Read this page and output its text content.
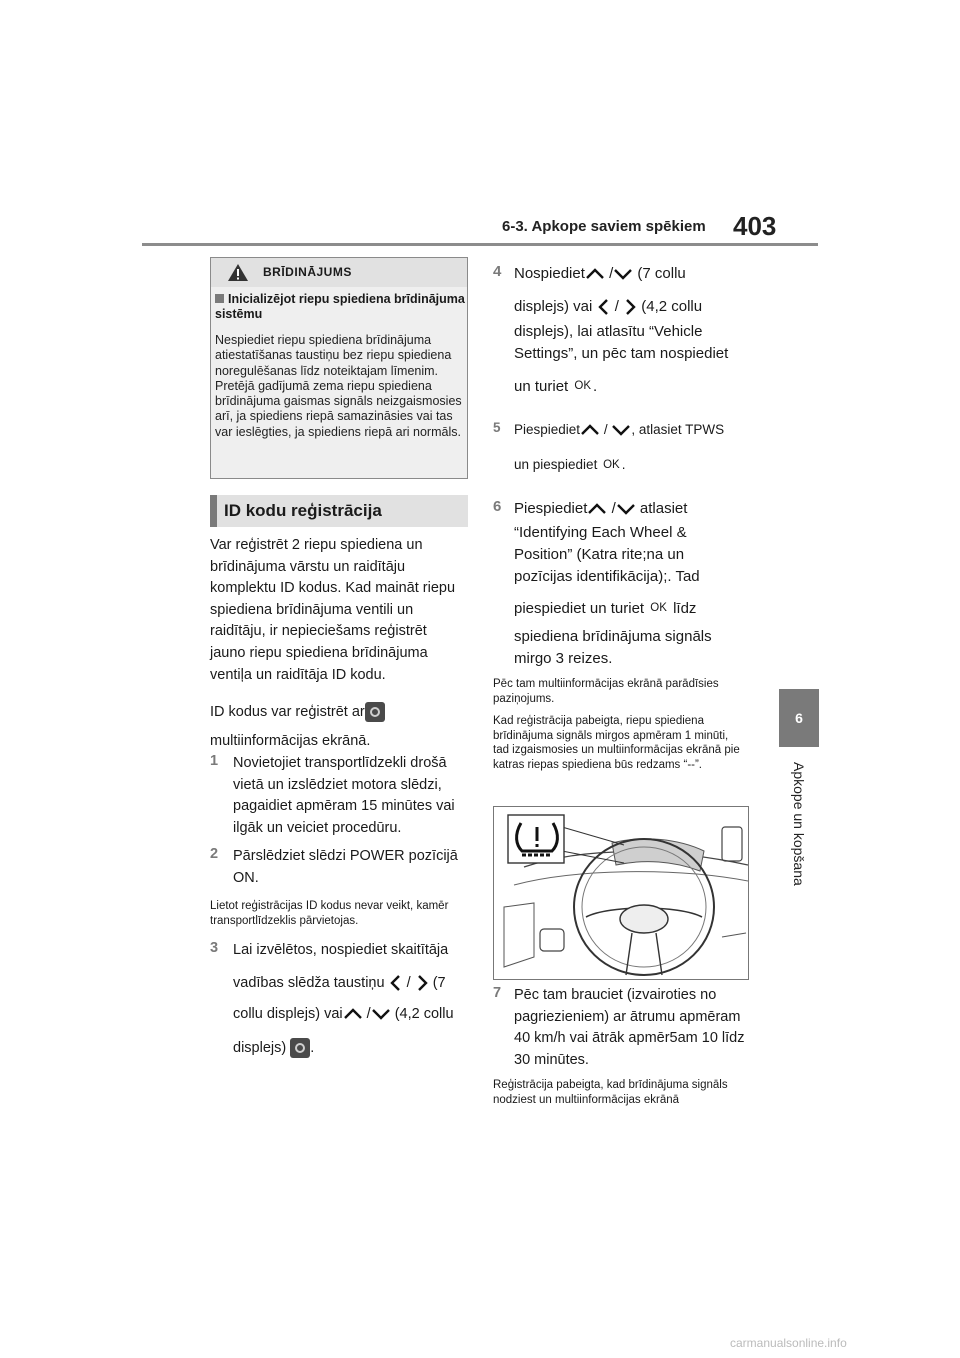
6-3. Apkope saviem spēkiem 403
6
Apkope un kopšana
BRĪDINĀJUMS
Inicializējot riepu spiediena brīdinājuma sistēmu
Nespiediet riepu spiediena brīdinājuma atiestatīšanas taustiņu bez riepu spiediena noregulēšanas līdz noteiktajam līmenim. Pretējā gadījumā zema riepu spiediena brīdinājuma gaismas signāls neizgaismosies arī, ja spiediens riepā samazināsies vai tas var ieslēgties, ja spiediens riepā ari normāls.
ID kodu reģistrācija
Var reģistrēt 2 riepu spiediena un brīdinājuma vārstu un raidītāju komplektu ID kodus. Kad maināt riepu spiediena brīdinājuma ventili un raidītāju, ir nepieciešams reģistrēt jauno riepu spiediena brīdinājuma ventiļa un raidītāja ID kodu.
ID kodus var reģistrēt ar
multiinformācijas ekrānā.
1 Novietojiet transportlīdzekli drošā vietā un izslēdziet motora slēdzi, pagaidiet apmēram 15 minūtes vai ilgāk un veiciet procedūru.
2 Pārslēdziet slēdzi POWER pozīcijā ON.
Lietot reģistrācijas ID kodus nevar veikt, kamēr transportlīdzeklis pārvietojas.
3 Lai izvēlētos, nospiediet skaitītāja
vadības slēdža taustiņu / (7
collu displejs) vai / (4,2 collu
displejs) .
4 Nospiediet / (7 collu
displejs) vai / (4,2 collu
displejs), lai atlasītu “Vehicle
Settings”, un pēc tam nospiediet
un turiet OK .
5 Piespiediet / , atlasiet TPWS
un piespiediet OK .
6 Piespiediet / atlasiet
“Identifying Each Wheel &
Position” (Katra rite;na un
pozīcijas identifikācija);. Tad
piespiediet un turiet OK līdz
spiediena brīdinājuma signāls
mirgo 3 reizes.
Pēc tam multiinformācijas ekrānā parādīsies paziņojums.
Kad reģistrācija pabeigta, riepu spiediena brīdinājuma signāls mirgos apmēram 1 minūti, tad izgaismosies un multiinformācijas ekrānā pie katras riepas spiediena būs redzams “--”.
7 Pēc tam brauciet (izvairoties no pagriezieniem) ar ātrumu apmēram 40 km/h vai ātrāk apmēr5am 10 līdz 30 minūtes.
Reģistrācija pabeigta, kad brīdinājuma signāls nodziest un multiinformācijas ekrānā
carmanualsonline.info
